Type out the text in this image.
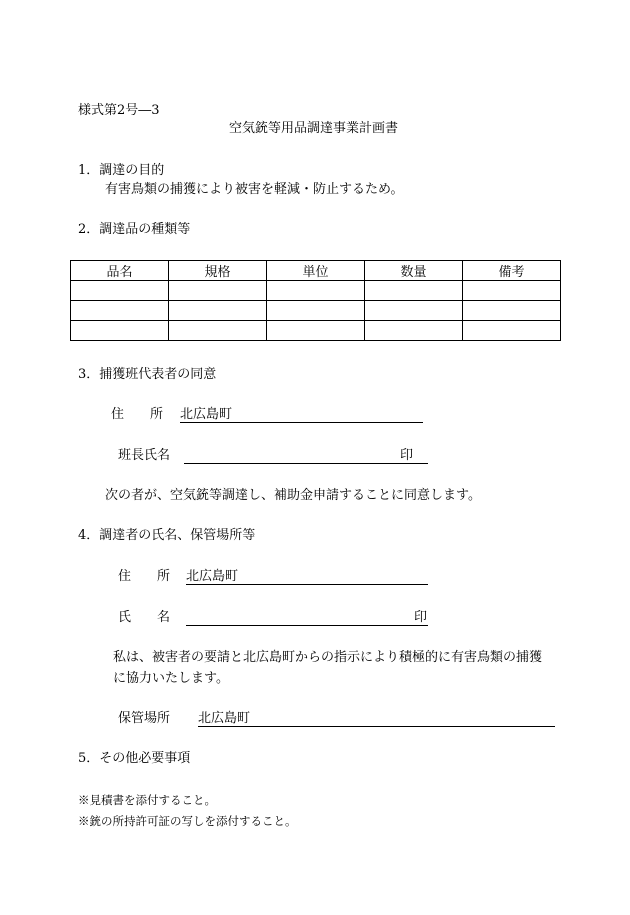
様式第2号―3
空気銃等用品調達事業計画書
1．調達の目的
有害鳥類の捕獲により被害を軽減・防止するため。
2．調達品の種類等
品名	規格	単位	数量	備考

3．捕獲班代表者の同意
住　　所 北広島町
班長氏名	印
次の者が、空気銃等調達し、補助金申請することに同意します。
4．調達者の氏名、保管場所等
住　　所 北広島町
氏　　名	印
私は、被害者の要請と北広島町からの指示により積極的に有害鳥類の捕獲
に協力いたします。
保管場所 北広島町
5．その他必要事項
※見積書を添付すること。
※銃の所持許可証の写しを添付すること。
